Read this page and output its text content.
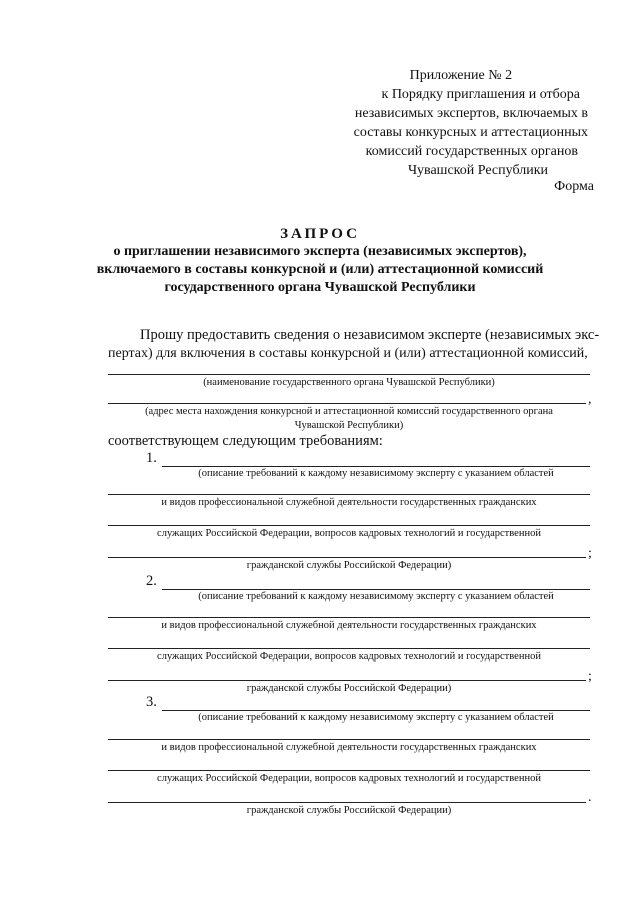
Приложение № 2
к Порядку приглашения и отбора
независимых экспертов, включаемых в
составы конкурсных и аттестационных
комиссий государственных органов
Чувашской Республики
Форма
ЗАПРОС
о приглашении независимого эксперта (независимых экспертов),
включаемого в составы конкурсной и (или) аттестационной комиссий
государственного органа Чувашской Республики
Прошу предоставить сведения о независимом эксперте (независимых экс-
пертах) для включения в составы конкурсной и (или) аттестационной комиссий,
(наименование государственного органа Чувашской Республики)
,
(адрес места нахождения конкурсной и аттестационной комиссий государственного органа
Чувашской Республики)
соответствующем следующим требованиям:
1.
(описание требований к каждому независимому эксперту с указанием областей
и видов профессиональной служебной деятельности государственных гражданских
служащих Российской Федерации, вопросов кадровых технологий и государственной
;
гражданской службы Российской Федерации)
2.
(описание требований к каждому независимому эксперту с указанием областей
и видов профессиональной служебной деятельности государственных гражданских
служащих Российской Федерации, вопросов кадровых технологий и государственной
;
гражданской службы Российской Федерации)
3.
(описание требований к каждому независимому эксперту с указанием областей
и видов профессиональной служебной деятельности государственных гражданских
служащих Российской Федерации, вопросов кадровых технологий и государственной
.
гражданской службы Российской Федерации)
